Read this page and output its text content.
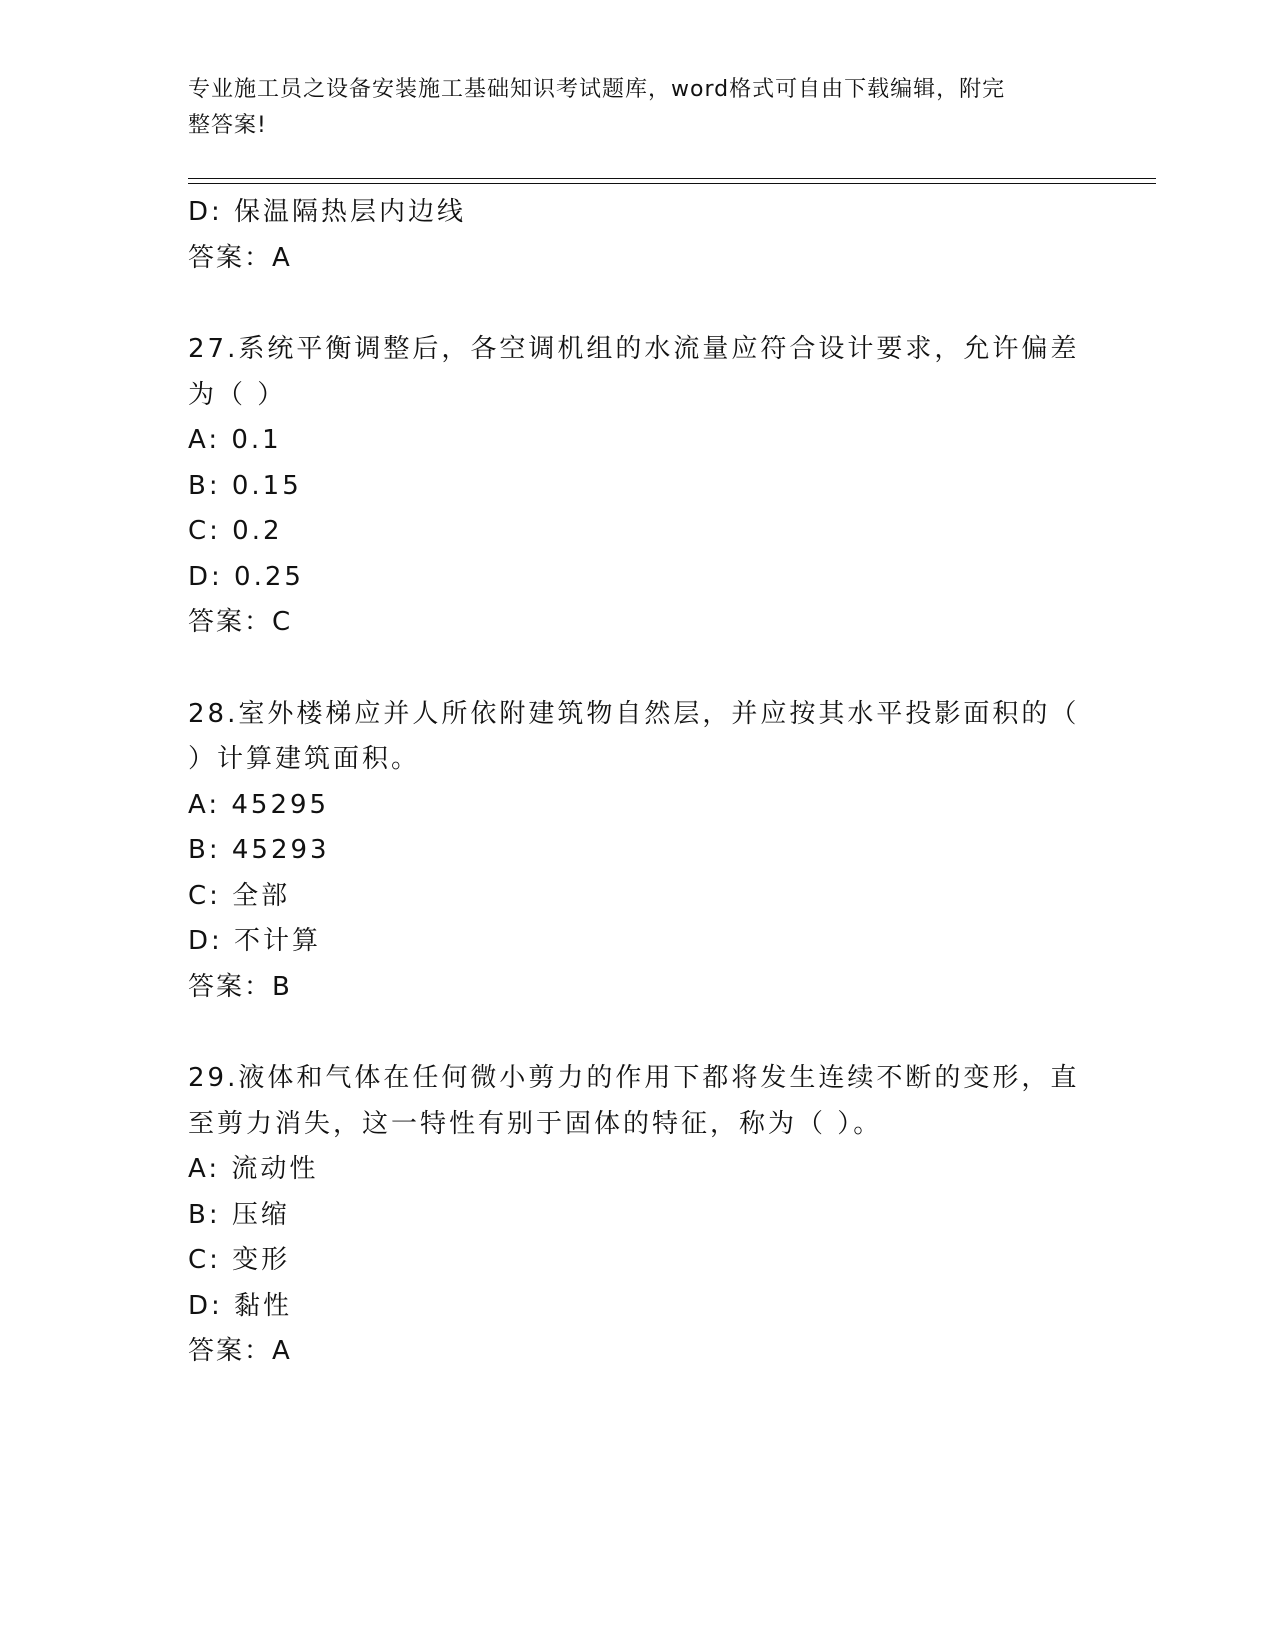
专业施工员之设备安装施工基础知识考试题库，word格式可自由下载编辑，附完
整答案!
D: 保温隔热层内边线
答案：A
27.系统平衡调整后，各空调机组的水流量应符合设计要求，允许偏差
为（ ）
A: 0.1
B: 0.15
C: 0.2
D: 0.25
答案：C
28.室外楼梯应并人所依附建筑物自然层，并应按其水平投影面积的（
）计算建筑面积。
A: 45295
B: 45293
C: 全部
D: 不计算
答案：B
29.液体和气体在任何微小剪力的作用下都将发生连续不断的变形，直
至剪力消失，这一特性有别于固体的特征，称为（ ）。
A: 流动性
B: 压缩
C: 变形
D: 黏性
答案：A
